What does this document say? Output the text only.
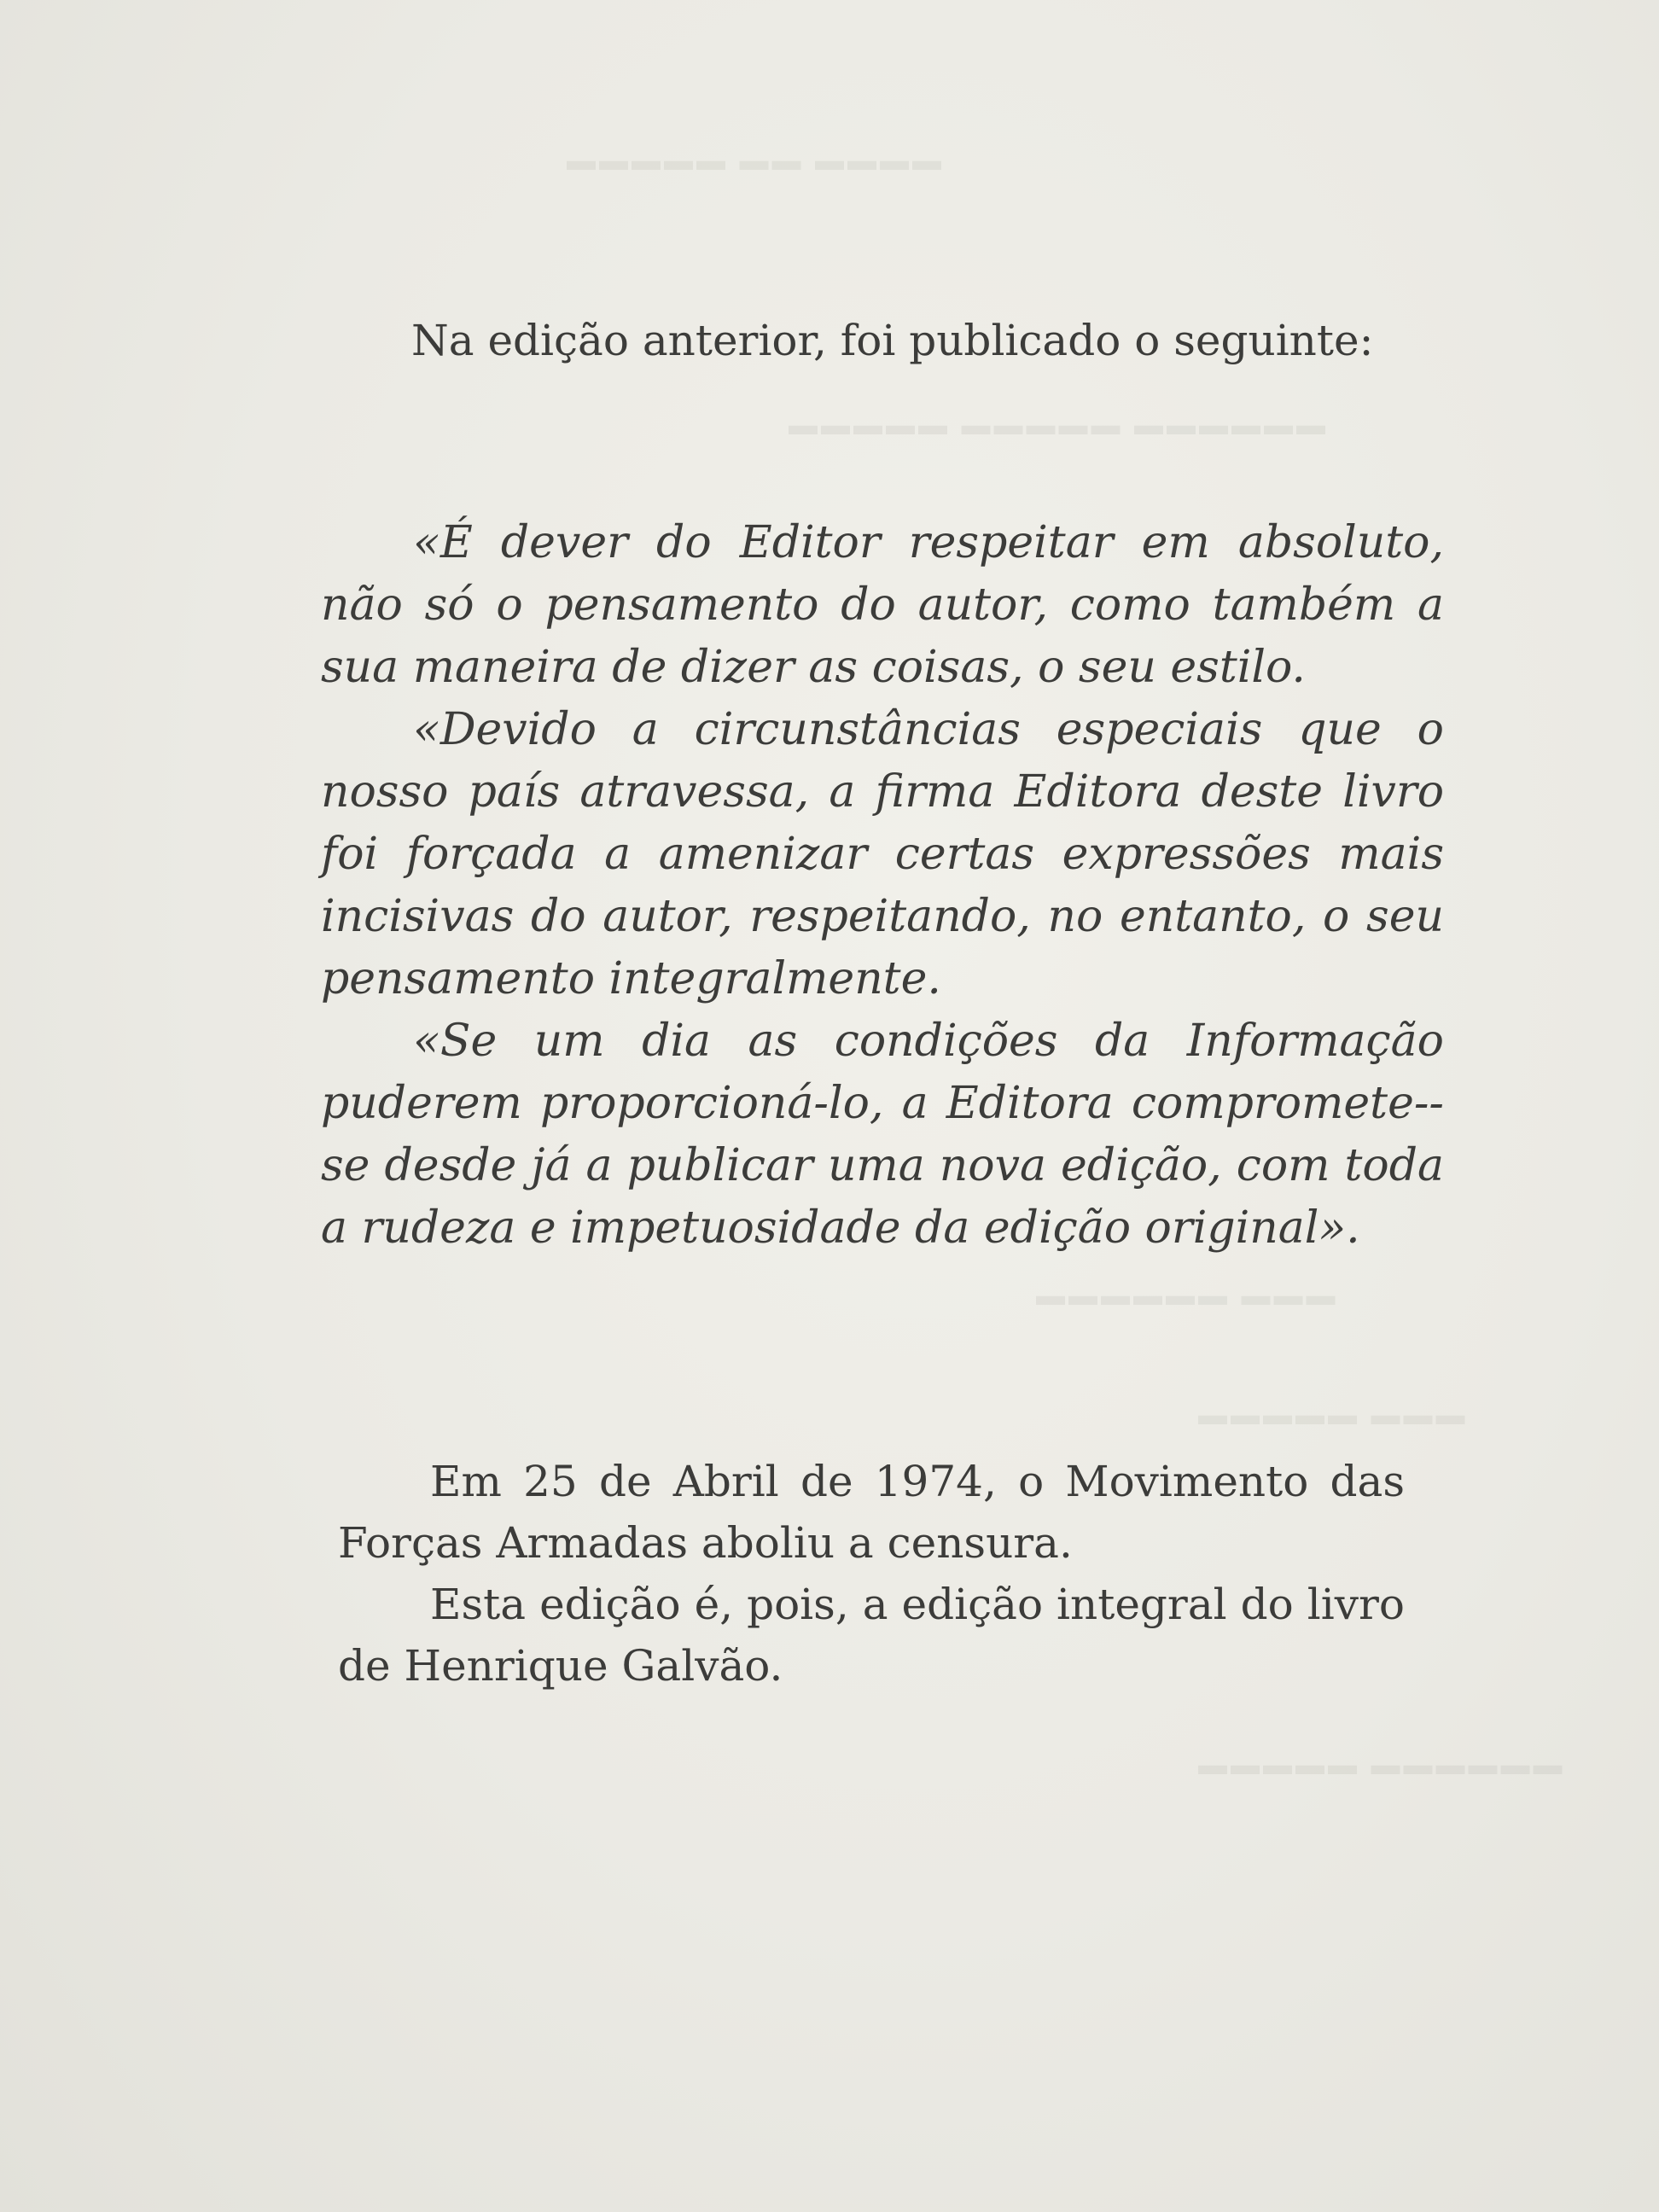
▬▬▬▬ ▬▬ ▬▬▬▬▬
▬▬▬▬▬▬ ▬▬▬▬▬ ▬▬▬▬▬
▬▬▬ ▬▬▬▬▬▬
▬▬▬ ▬▬▬▬▬
▬▬▬▬▬▬ ▬▬▬▬▬

Na edição anterior, foi publicado o seguinte:

«É dever do Editor respeitar em absoluto, não só o pensamento do autor, como também a sua maneira de dizer as coisas, o seu estilo.

«Devido a circunstâncias especiais que o nosso país atravessa, a firma Editora deste livro foi forçada a amenizar certas expressões mais incisivas do autor, respeitando, no entanto, o seu pensamento integralmente.

«Se um dia as condições da Informação puderem proporcioná-lo, a Editora compromete--se desde já a publicar uma nova edição, com toda a rudeza e impetuosidade da edição original».

Em 25 de Abril de 1974, o Movimento das Forças Armadas aboliu a censura.

Esta edição é, pois, a edição integral do livro de Henrique Galvão.
